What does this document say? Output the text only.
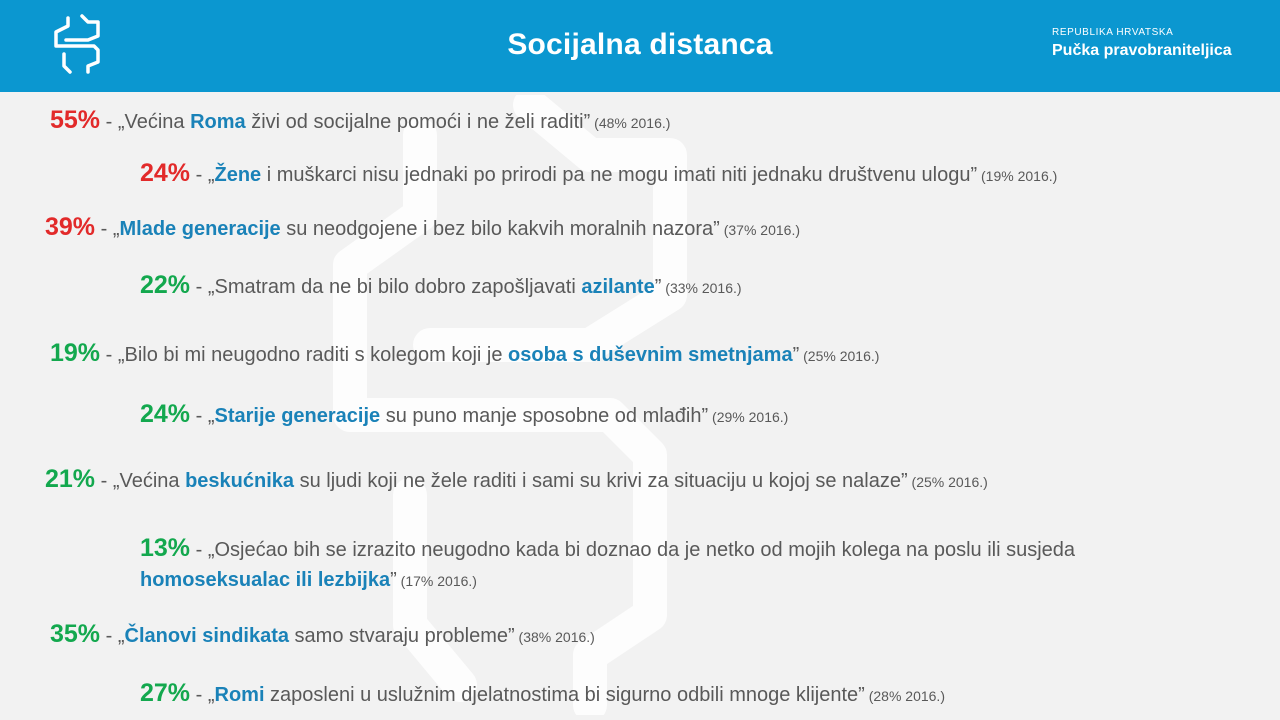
Socijalna distanca	REPUBLIKA HRVATSKA
Pučka pravobraniteljica
55% - „Većina Roma živi od socijalne pomoći i ne želi raditi” (48% 2016.)
24% - „Žene i muškarci nisu jednaki po prirodi pa ne mogu imati niti jednaku društvenu ulogu” (19% 2016.)
39% - „Mlade generacije su neodgojene i bez bilo kakvih moralnih nazora” (37% 2016.)
22% - „Smatram da ne bi bilo dobro zapošljavati azilante” (33% 2016.)
19% - „Bilo bi mi neugodno raditi s kolegom koji je osoba s duševnim smetnjama” (25% 2016.)
24% - „Starije generacije su puno manje sposobne od mlađih” (29% 2016.)
21% - „Većina beskućnika su ljudi koji ne žele raditi i sami su krivi za situaciju u kojoj se nalaze” (25% 2016.)
13% - „Osjećao bih se izrazito neugodno kada bi doznao da je netko od mojih kolega na poslu ili susjeda
homoseksualac ili lezbijka” (17% 2016.)
35% - „Članovi sindikata samo stvaraju probleme” (38% 2016.)
27% - „Romi zaposleni u uslužnim djelatnostima bi sigurno odbili mnoge klijente” (28% 2016.)
